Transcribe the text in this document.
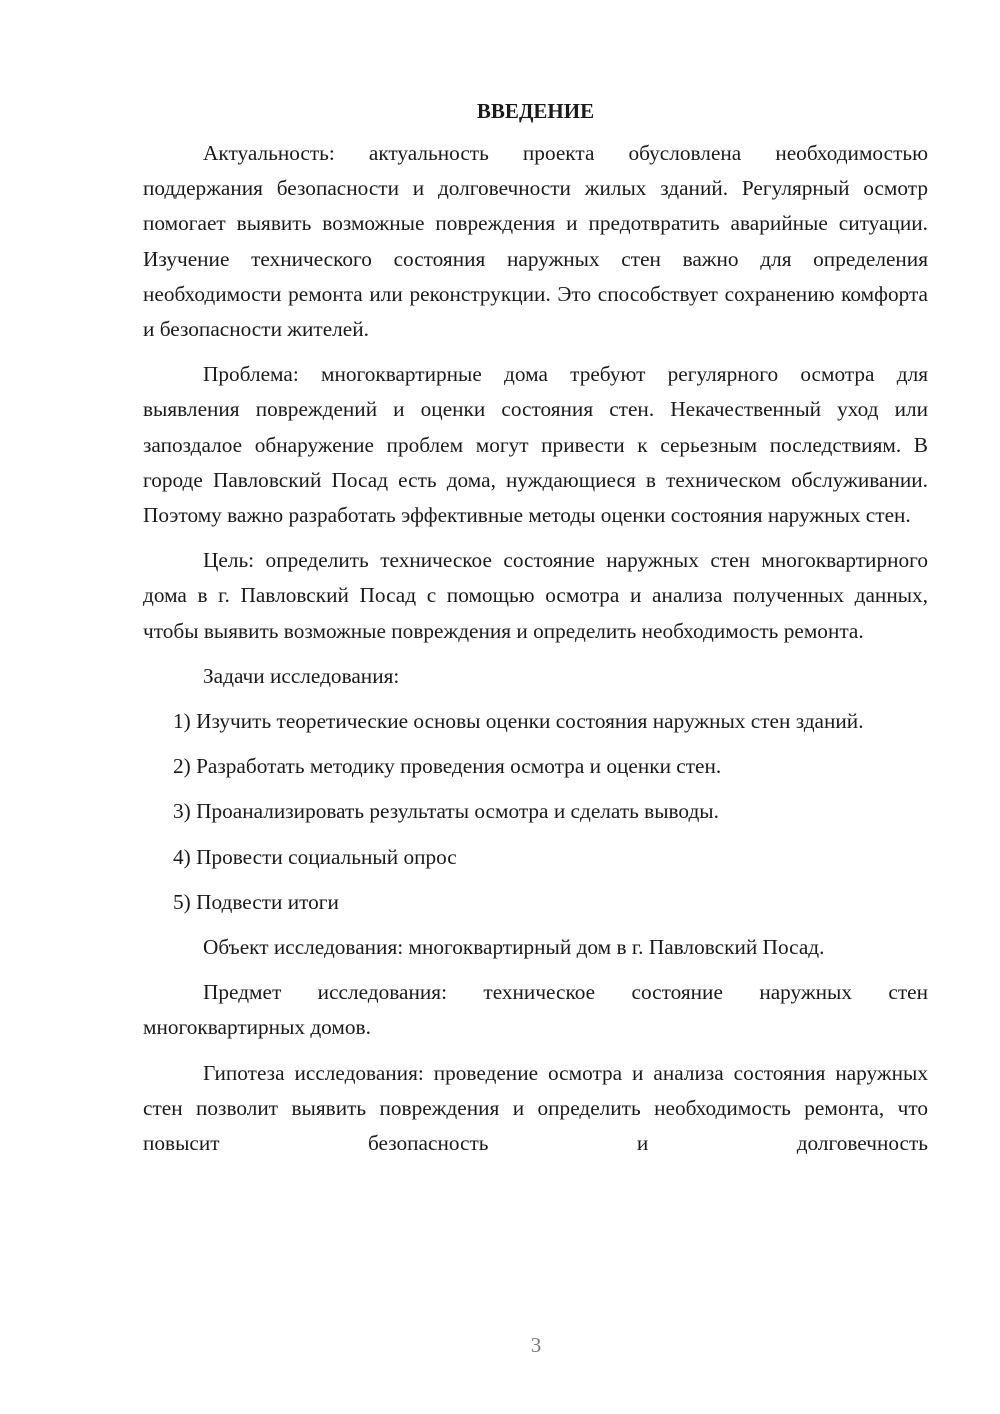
ВВЕДЕНИЕ

Актуальность: актуальность проекта обусловлена необходимостью поддержания безопасности и долговечности жилых зданий. Регулярный осмотр помогает выявить возможные повреждения и предотвратить аварийные ситуации. Изучение технического состояния наружных стен важно для определения необходимости ремонта или реконструкции. Это способствует сохранению комфорта и безопасности жителей.

Проблема: многоквартирные дома требуют регулярного осмотра для выявления повреждений и оценки состояния стен. Некачественный уход или запоздалое обнаружение проблем могут привести к серьезным последствиям. В городе Павловский Посад есть дома, нуждающиеся в техническом обслуживании. Поэтому важно разработать эффективные методы оценки состояния наружных стен.

Цель: определить техническое состояние наружных стен многоквартирного дома в г. Павловский Посад с помощью осмотра и анализа полученных данных, чтобы выявить возможные повреждения и определить необходимость ремонта.

Задачи исследования:

1) Изучить теоретические основы оценки состояния наружных стен зданий.

2) Разработать методику проведения осмотра и оценки стен.

3) Проанализировать результаты осмотра и сделать выводы.

4) Провести социальный опрос

5) Подвести итоги

Объект исследования: многоквартирный дом в г. Павловский Посад.

Предмет исследования: техническое состояние наружных стен многоквартирных домов.

Гипотеза исследования: проведение осмотра и анализа состояния наружных стен позволит выявить повреждения и определить необходимость ремонта, что повысит безопасность и долговечность

3
